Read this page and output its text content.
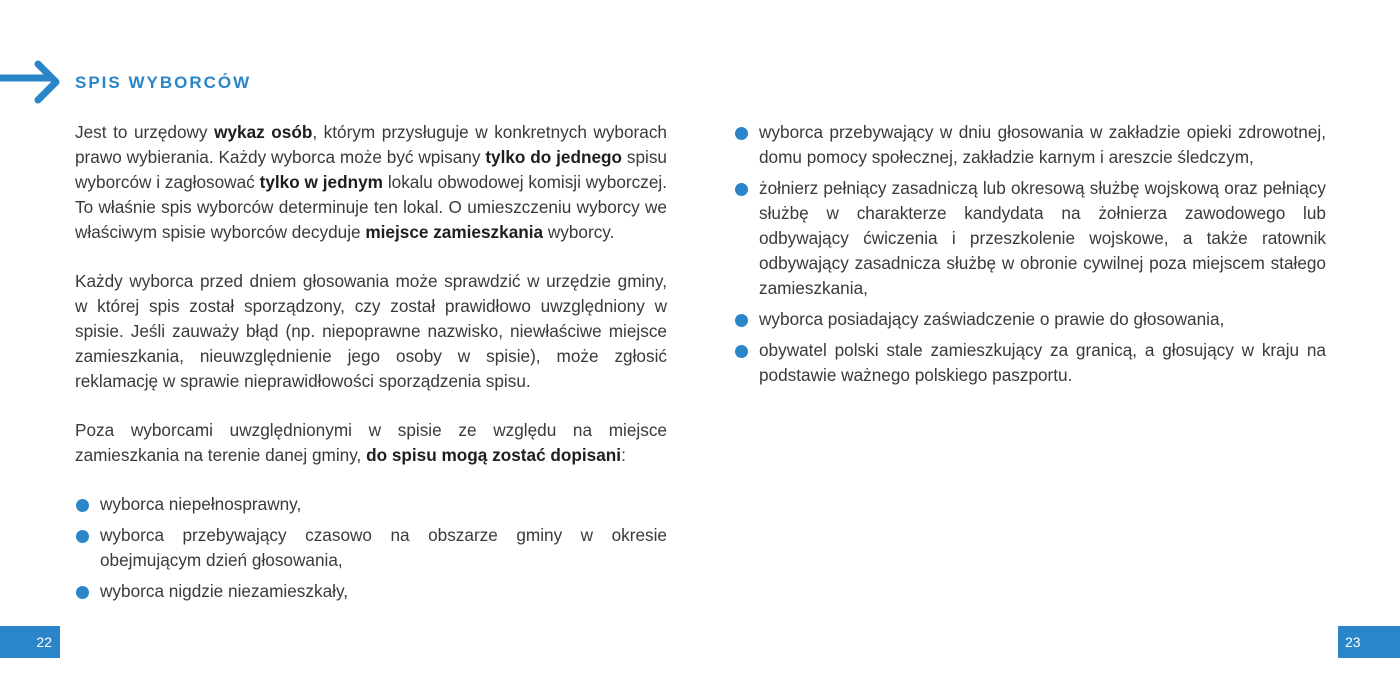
SPIS WYBORCÓW

Jest to urzędowy wykaz osób, którym przysługuje w konkretnych wyborach prawo wybierania. Każdy wyborca może być wpisany tylko do jednego spisu wyborców i zagłosować tylko w jednym lokalu obwodowej komisji wyborczej. To właśnie spis wyborców determinuje ten lokal. O umieszczeniu wyborcy we właściwym spisie wyborców decyduje miejsce zamieszkania wyborcy.

Każdy wyborca przed dniem głosowania może sprawdzić w urzędzie gminy, w której spis został sporządzony, czy został prawidłowo uwzględniony w spisie. Jeśli zauważy błąd (np. niepoprawne nazwisko, niewłaściwe miejsce zamieszkania, nieuwzględnienie jego osoby w spisie), może zgłosić reklamację w sprawie nieprawidłowości sporządzenia spisu.

Poza wyborcami uwzględnionymi w spisie ze względu na miejsce zamieszkania na terenie danej gminy, do spisu mogą zostać dopisani:

wyborca niepełnosprawny,
wyborca przebywający czasowo na obszarze gminy w okresie obejmującym dzień głosowania,
wyborca nigdzie niezamieszkały,
wyborca przebywający w dniu głosowania w zakładzie opieki zdrowotnej, domu pomocy społecznej, zakładzie karnym i areszcie śledczym,
żołnierz pełniący zasadniczą lub okresową służbę wojskową oraz pełniący służbę w charakterze kandydata na żołnierza zawodowego lub odbywający ćwiczenia i przeszkolenie wojskowe, a także ratownik odbywający zasadnicza służbę w obronie cywilnej poza miejscem stałego zamieszkania,
wyborca posiadający zaświadczenie o prawie do głosowania,
obywatel polski stale zamieszkujący za granicą, a głosujący w kraju na podstawie ważnego polskiego paszportu.
22	23
